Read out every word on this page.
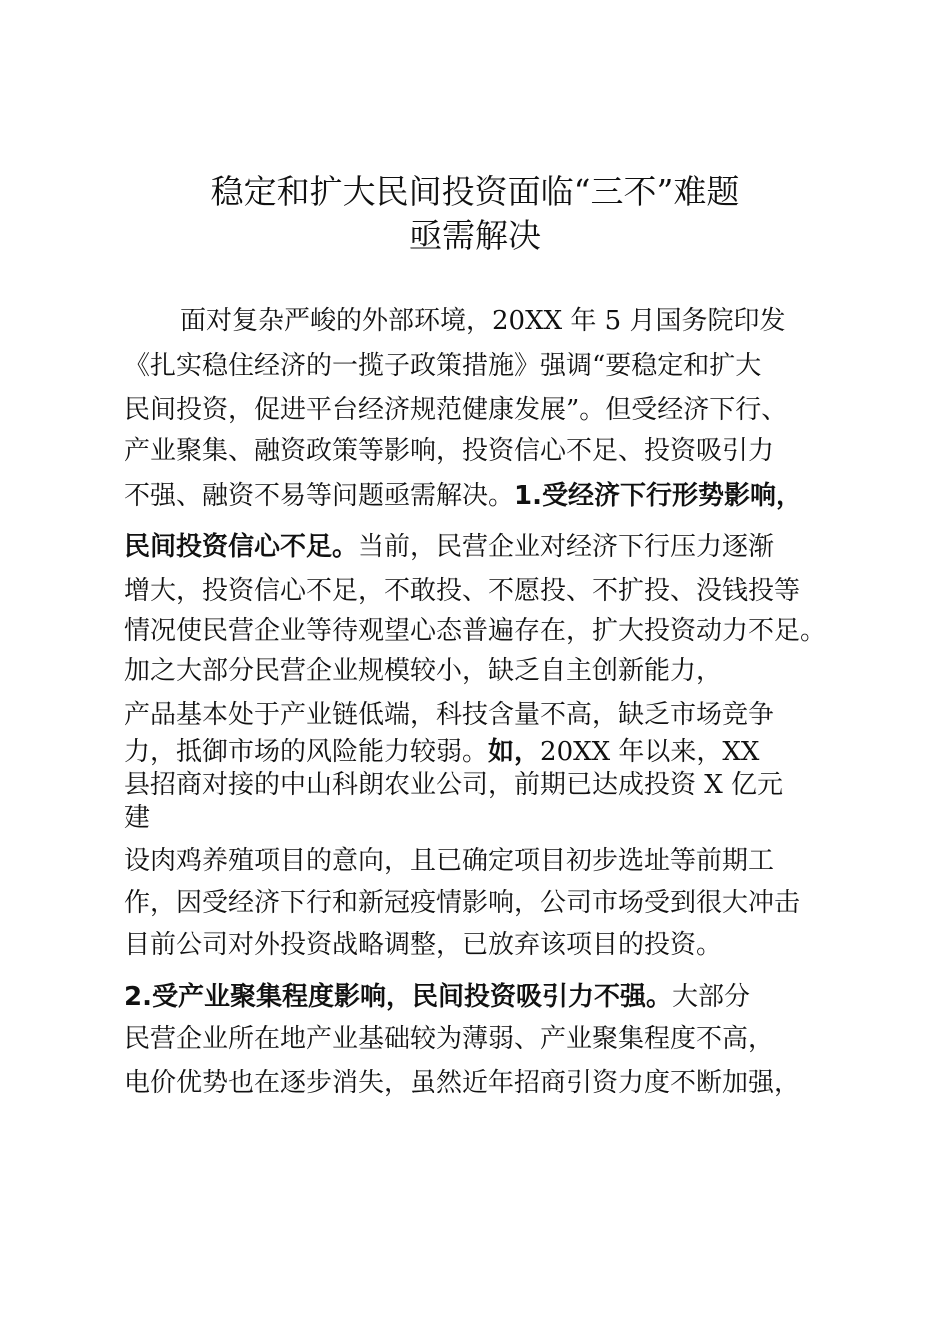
稳定和扩大民间投资面临“三不”难题
亟需解决
面对复杂严峻的外部环境，20XX 年 5 月国务院印发
《扎实稳住经济的一揽子政策措施》强调“要稳定和扩大
民间投资，促进平台经济规范健康发展”。但受经济下行、
产业聚集、融资政策等影响，投资信心不足、投资吸引力
不强、融资不易等问题亟需解决。1.受经济下行形势影响，
民间投资信心不足。当前，民营企业对经济下行压力逐渐
增大，投资信心不足，不敢投、不愿投、不扩投、没钱投等
情况使民营企业等待观望心态普遍存在，扩大投资动力不足。
加之大部分民营企业规模较小，缺乏自主创新能力，
产品基本处于产业链低端，科技含量不高，缺乏市场竞争
力，抵御市场的风险能力较弱。如，20XX 年以来，XX
县招商对接的中山科朗农业公司，前期已达成投资 X 亿元
建
设肉鸡养殖项目的意向，且已确定项目初步选址等前期工
作，因受经济下行和新冠疫情影响，公司市场受到很大冲击
目前公司对外投资战略调整，已放弃该项目的投资。
2.受产业聚集程度影响，民间投资吸引力不强。大部分
民营企业所在地产业基础较为薄弱、产业聚集程度不高，
电价优势也在逐步消失，虽然近年招商引资力度不断加强，
